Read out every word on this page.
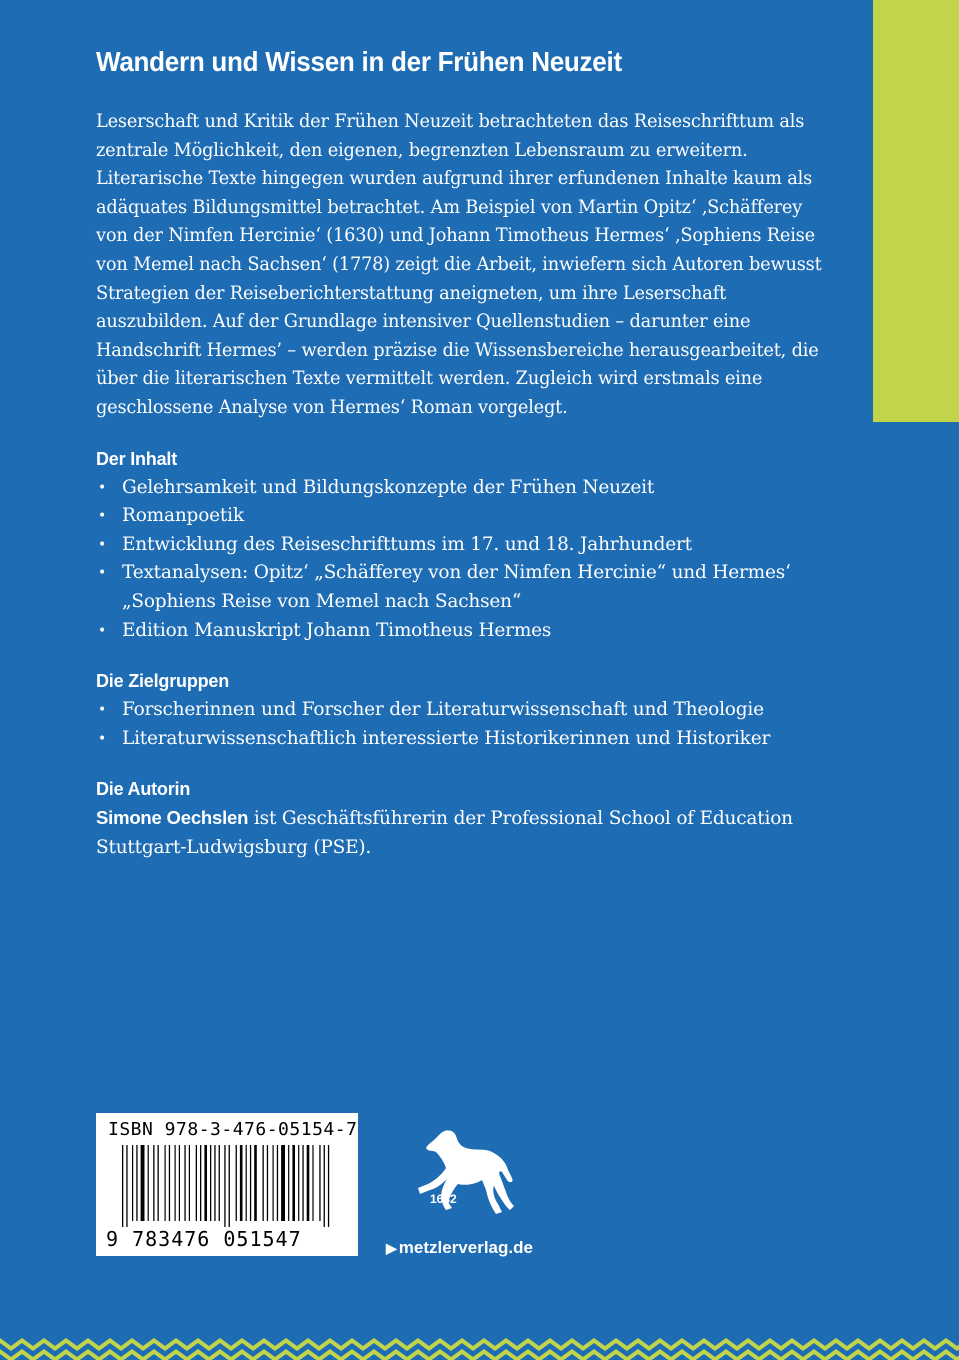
Wandern und Wissen in der Frühen Neuzeit

Leserschaft und Kritik der Frühen Neuzeit betrachteten das Reiseschrifttum als zentrale Möglichkeit, den eigenen, begrenzten Lebensraum zu erweitern. Literarische Texte hingegen wurden aufgrund ihrer erfundenen Inhalte kaum als adäquates Bildungsmittel betrachtet. Am Beispiel von Martin Opitz‘ ‚Schäfferey von der Nimfen Hercinie‘ (1630) und Johann Timotheus Hermes‘ ‚Sophiens Reise von Memel nach Sachsen‘ (1778) zeigt die Arbeit, inwiefern sich Autoren bewusst Strategien der Reiseberichterstattung aneigneten, um ihre Leserschaft auszubilden. Auf der Grundlage intensiver Quellenstudien – darunter eine Handschrift Hermes’ – werden präzise die Wissensbereiche herausgearbeitet, die über die literarischen Texte vermittelt werden. Zugleich wird erstmals eine geschlossene Analyse von Hermes‘ Roman vorgelegt.

Der Inhalt
• Gelehrsamkeit und Bildungskonzepte der Frühen Neuzeit
• Romanpoetik
• Entwicklung des Reiseschrifttums im 17. und 18. Jahrhundert
• Textanalysen: Opitz‘ „Schäfferey von der Nimfen Hercinie“ und Hermes‘ „Sophiens Reise von Memel nach Sachsen“
• Edition Manuskript Johann Timotheus Hermes
Die Zielgruppen
• Forscherinnen und Forscher der Literaturwissenschaft und Theologie
• Literaturwissenschaftlich interessierte Historikerinnen und Historiker
Die Autorin

Simone Oechslen ist Geschäftsführerin der Professional School of Education Stuttgart-Ludwigsburg (PSE).

ISBN 978-3-476-05154-7
9 783476 051547
1682
▶ metzlerverlag.de
